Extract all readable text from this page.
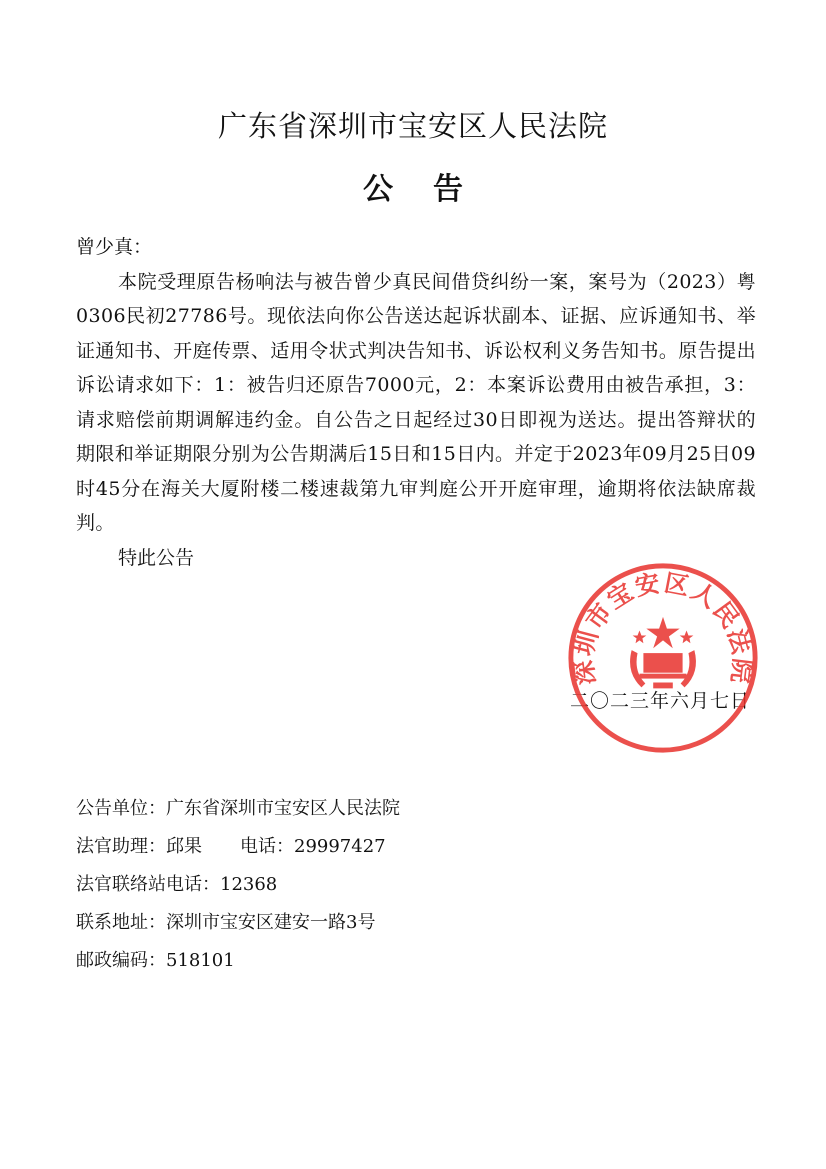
广东省深圳市宝安区人民法院
公告

曾少真：

本院受理原告杨响法与被告曾少真民间借贷纠纷一案，案号为（2023）粤0306民初27786号。现依法向你公告送达起诉状副本、证据、应诉通知书、举证通知书、开庭传票、适用令状式判决告知书、诉讼权利义务告知书。原告提出诉讼请求如下：1：被告归还原告7000元，2：本案诉讼费用由被告承担，3：请求赔偿前期调解违约金。自公告之日起经过30日即视为送达。提出答辩状的期限和举证期限分别为公告期满后15日和15日内。并定于2023年09月25日09时45分在海关大厦附楼二楼速裁第九审判庭公开开庭审理，逾期将依法缺席裁判。

特此公告

二〇二三年六月七日
深圳市宝安区人民法院
公告单位：广东省深圳市宝安区人民法院
法官助理：邱果 电话：29997427
法官联络站电话：12368
联系地址：深圳市宝安区建安一路3号
邮政编码：518101
